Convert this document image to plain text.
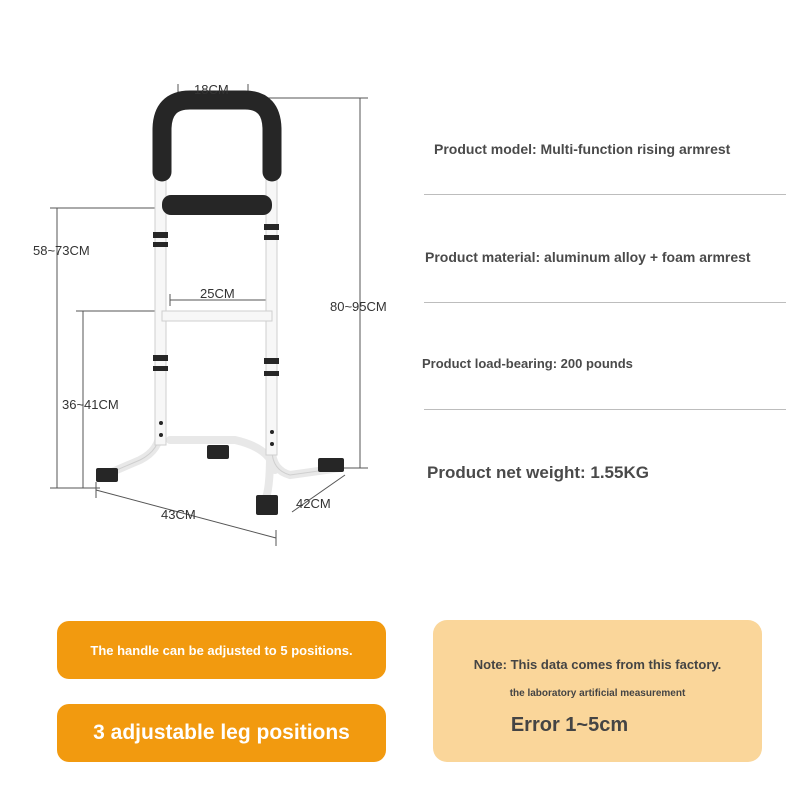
18CM
58~73CM
25CM
80~95CM
36~41CM
43CM
42CM
Product model: Multi-function rising armrest
Product material: aluminum alloy + foam armrest
Product load-bearing: 200 pounds
Product net weight: 1.55KG
The handle can be adjusted to 5 positions.
3 adjustable leg positions
Note: This data comes from this factory.
the laboratory artificial measurement
Error 1~5cm
